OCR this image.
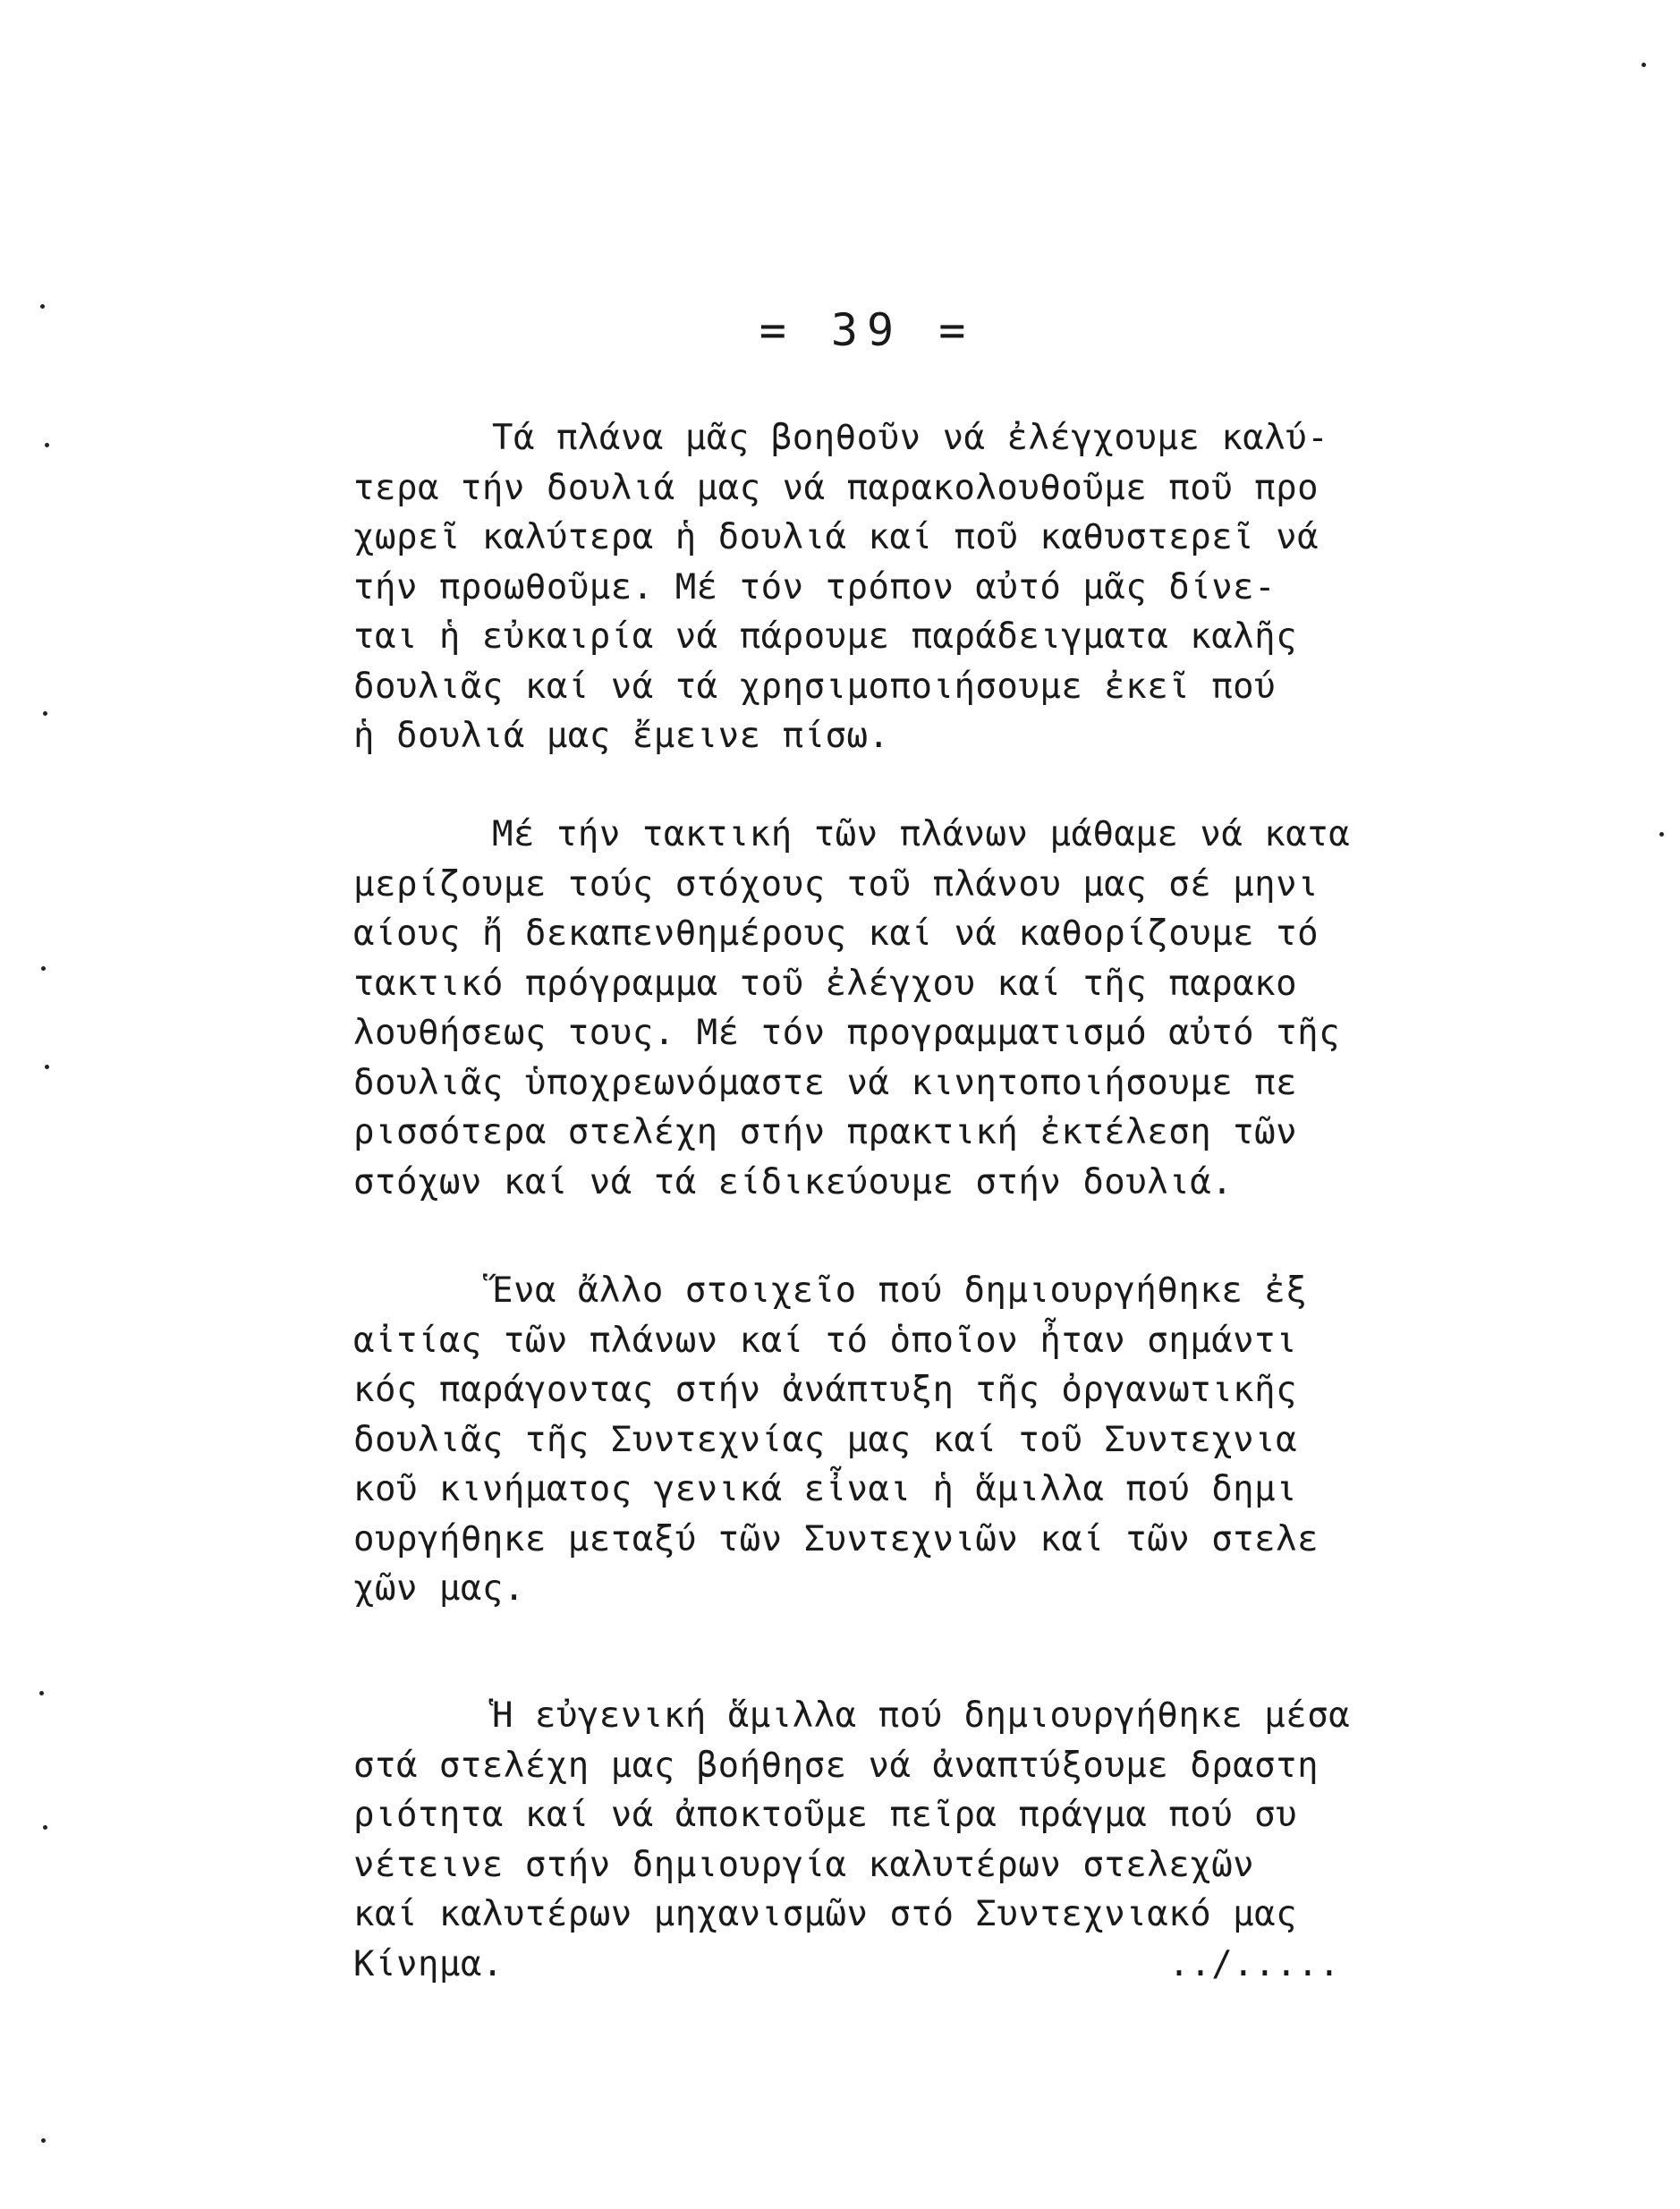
= 39 =
Τά πλάνα μᾶς βοηθοῦν νά ἐλέγχουμε καλύ-
τερα τήν δουλιά μας νά παρακολουθοῦμε ποῦ προ
χωρεῖ καλύτερα ἡ δουλιά καί ποῦ καθυστερεῖ νά
τήν προωθοῦμε. Μέ τόν τρόπον αὐτό μᾶς δίνε-
ται ἡ εὐκαιρία νά πάρουμε παράδειγματα καλῆς
δουλιᾶς καί νά τά χρησιμοποιήσουμε ἐκεῖ πού
ἡ δουλιά μας ἔμεινε πίσω.
Μέ τήν τακτική τῶν πλάνων μάθαμε νά κατα
μερίζουμε τούς στόχους τοῦ πλάνου μας σέ μηνι
αίους ἤ δεκαπενθημέρους καί νά καθορίζουμε τό
τακτικό πρόγραμμα τοῦ ἐλέγχου καί τῆς παρακο
λουθήσεως τους. Μέ τόν προγραμματισμό αὐτό τῆς
δουλιᾶς ὑποχρεωνόμαστε νά κινητοποιήσουμε πε
ρισσότερα στελέχη στήν πρακτική ἐκτέλεση τῶν
στόχων καί νά τά είδικεύουμε στήν δουλιά.
Ἕνα ἄλλο στοιχεῖο πού δημιουργήθηκε ἐξ
αἰτίας τῶν πλάνων καί τό ὁποῖον ἦταν σημάντι
κός παράγοντας στήν ἀνάπτυξη τῆς ὀργανωτικῆς
δουλιᾶς τῆς Συντεχνίας μας καί τοῦ Συντεχνια
κοῦ κινήματος γενικά εἶναι ἡ ἅμιλλα πού δημι
ουργήθηκε μεταξύ τῶν Συντεχνιῶν καί τῶν στελε
χῶν μας.
Ἡ εὐγενική ἅμιλλα πού δημιουργήθηκε μέσα
στά στελέχη μας βοήθησε νά ἀναπτύξουμε δραστη
ριότητα καί νά ἀποκτοῦμε πεῖρα πράγμα πού συ
νέτεινε στήν δημιουργία καλυτέρων στελεχῶν
καί καλυτέρων μηχανισμῶν στό Συντεχνιακό μας
Κίνημα.                               ../.....
